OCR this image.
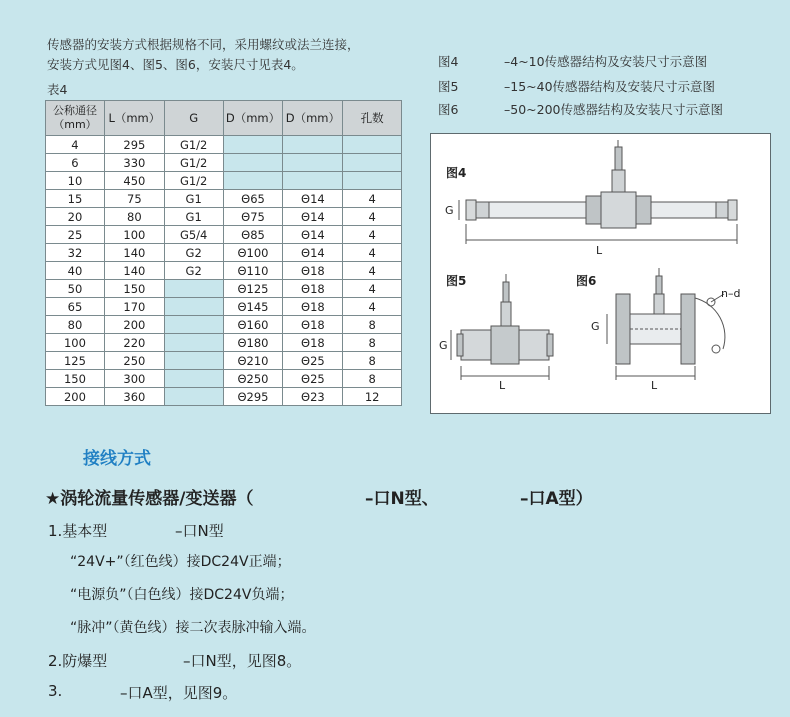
传感器的安装方式根据规格不同，采用螺纹或法兰连接，
安装方式见图4、图5、图6，安装尺寸见表4。	图4	–4~10传感器结构及安装尺寸示意图
图5	–15~40传感器结构及安装尺寸示意图
图6	–50~200传感器结构及安装尺寸示意图
表4
公称通径（mm）	L（mm）	G	D（mm）	D（mm）	孔数
4	295	G1/2			
6	330	G1/2			
10	450	G1/2			
15	75	G1	Θ65	Θ14	4
20	80	G1	Θ75	Θ14	4
25	100	G5/4	Θ85	Θ14	4
32	140	G2	Θ100	Θ14	4
40	140	G2	Θ110	Θ18	4
50	150		Θ125	Θ18	4
65	170		Θ145	Θ18	4
80	200		Θ160	Θ18	8
100	220		Θ180	Θ18	8
125	250		Θ210	Θ25	8
150	300		Θ250	Θ25	8
200	360		Θ295	Θ23	12
图4
G
L
图5
G
L
图6
G
L
n–d
接线方式
★涡轮流量传感器/变送器（	–口N型、	–口A型）
1.基本型	–口N型
“24V+”（红色线）接DC24V正端；
“电源负”（白色线）接DC24V负端；
“脉冲”（黄色线）接二次表脉冲输入端。
2.防爆型	–口N型，见图8。
3.	–口A型，见图9。
